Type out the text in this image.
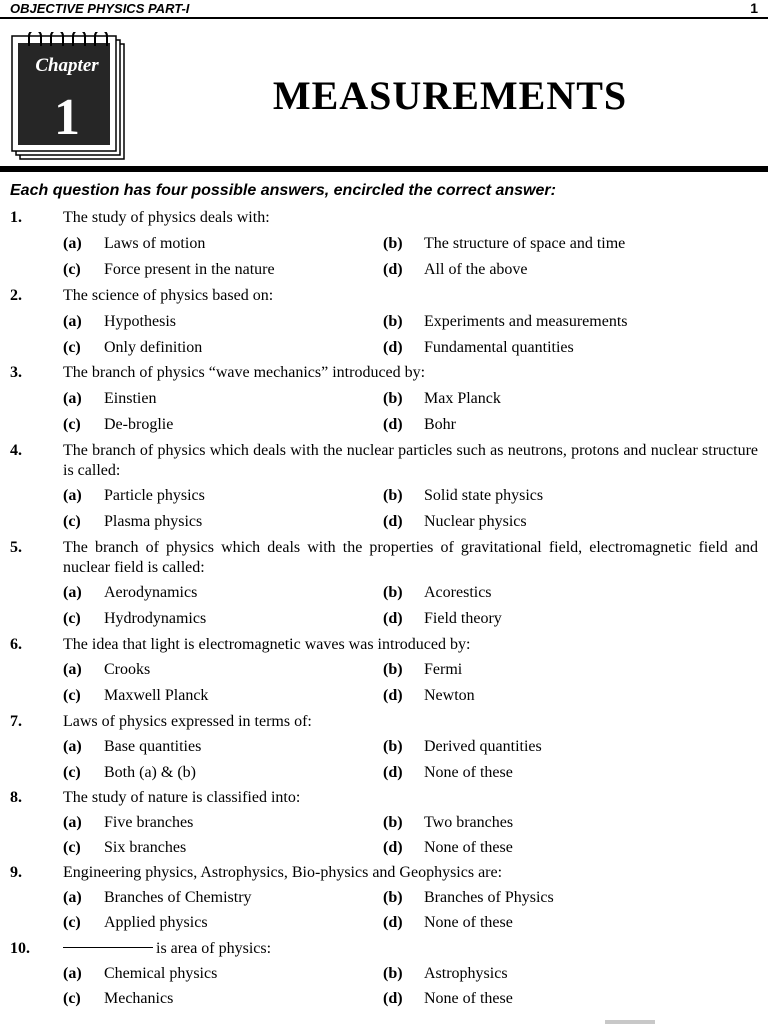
OBJECTIVE PHYSICS PART-I	1
Chapter
1	MEASUREMENTS
Each question has four possible answers, encircled the correct answer:
1.	The study of physics deals with:
(a) Laws of motion	(b) The structure of space and time
(c) Force present in the nature	(d) All of the above
2.	The science of physics based on:
(a) Hypothesis	(b) Experiments and measurements
(c) Only definition	(d) Fundamental quantities
3.	The branch of physics “wave mechanics” introduced by:
(a) Einstien	(b) Max Planck
(c) De-broglie	(d) Bohr
4.	The branch of physics which deals with the nuclear particles such as neutrons, protons and nuclear structure is called:
(a) Particle physics	(b) Solid state physics
(c) Plasma physics	(d) Nuclear physics
5.	The branch of physics which deals with the properties of gravitational field, electromagnetic field and nuclear field is called:
(a) Aerodynamics	(b) Acorestics
(c) Hydrodynamics	(d) Field theory
6.	The idea that light is electromagnetic waves was introduced by:
(a) Crooks	(b) Fermi
(c) Maxwell Planck	(d) Newton
7.	Laws of physics expressed in terms of:
(a) Base quantities	(b) Derived quantities
(c) Both (a) & (b)	(d) None of these
8.	The study of nature is classified into:
(a) Five branches	(b) Two branches
(c) Six branches	(d) None of these
9.	Engineering physics, Astrophysics, Bio-physics and Geophysics are:
(a) Branches of Chemistry	(b) Branches of Physics
(c) Applied physics	(d) None of these
10.	is area of physics:
(a) Chemical physics	(b) Astrophysics
(c) Mechanics	(d) None of these
